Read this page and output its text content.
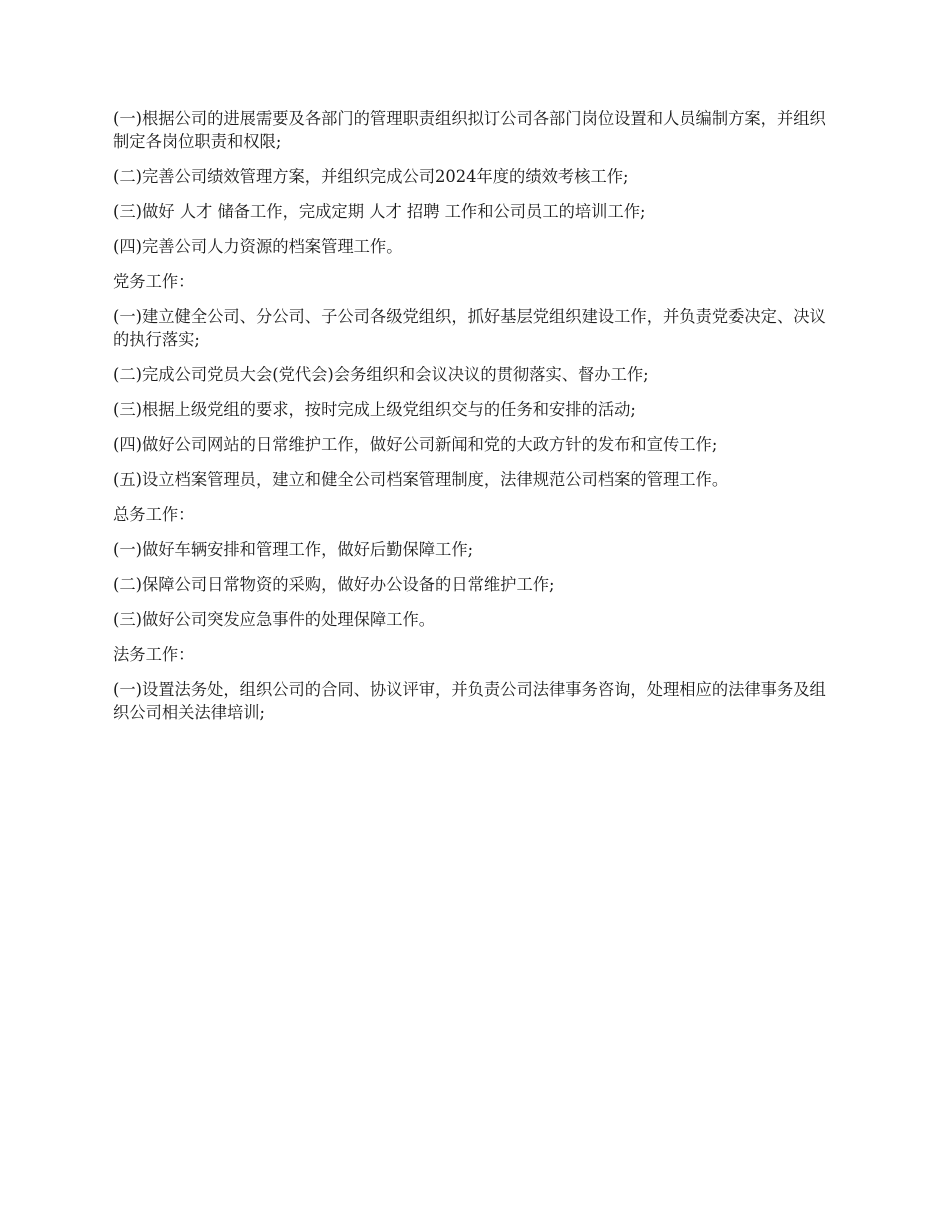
(一)根据公司的进展需要及各部门的管理职责组织拟订公司各部门岗位设置和人员编制方案，并组织制定各岗位职责和权限;

(二)完善公司绩效管理方案，并组织完成公司2024年度的绩效考核工作;

(三)做好 人才 储备工作，完成定期 人才 招聘 工作和公司员工的培训工作;

(四)完善公司人力资源的档案管理工作。

党务工作：

(一)建立健全公司、分公司、子公司各级党组织，抓好基层党组织建设工作，并负责党委决定、决议的执行落实;

(二)完成公司党员大会(党代会)会务组织和会议决议的贯彻落实、督办工作;

(三)根据上级党组的要求，按时完成上级党组织交与的任务和安排的活动;

(四)做好公司网站的日常维护工作，做好公司新闻和党的大政方针的发布和宣传工作;

(五)设立档案管理员，建立和健全公司档案管理制度，法律规范公司档案的管理工作。

总务工作：

(一)做好车辆安排和管理工作，做好后勤保障工作;

(二)保障公司日常物资的采购，做好办公设备的日常维护工作;

(三)做好公司突发应急事件的处理保障工作。

法务工作：

(一)设置法务处，组织公司的合同、协议评审，并负责公司法律事务咨询，处理相应的法律事务及组织公司相关法律培训;
